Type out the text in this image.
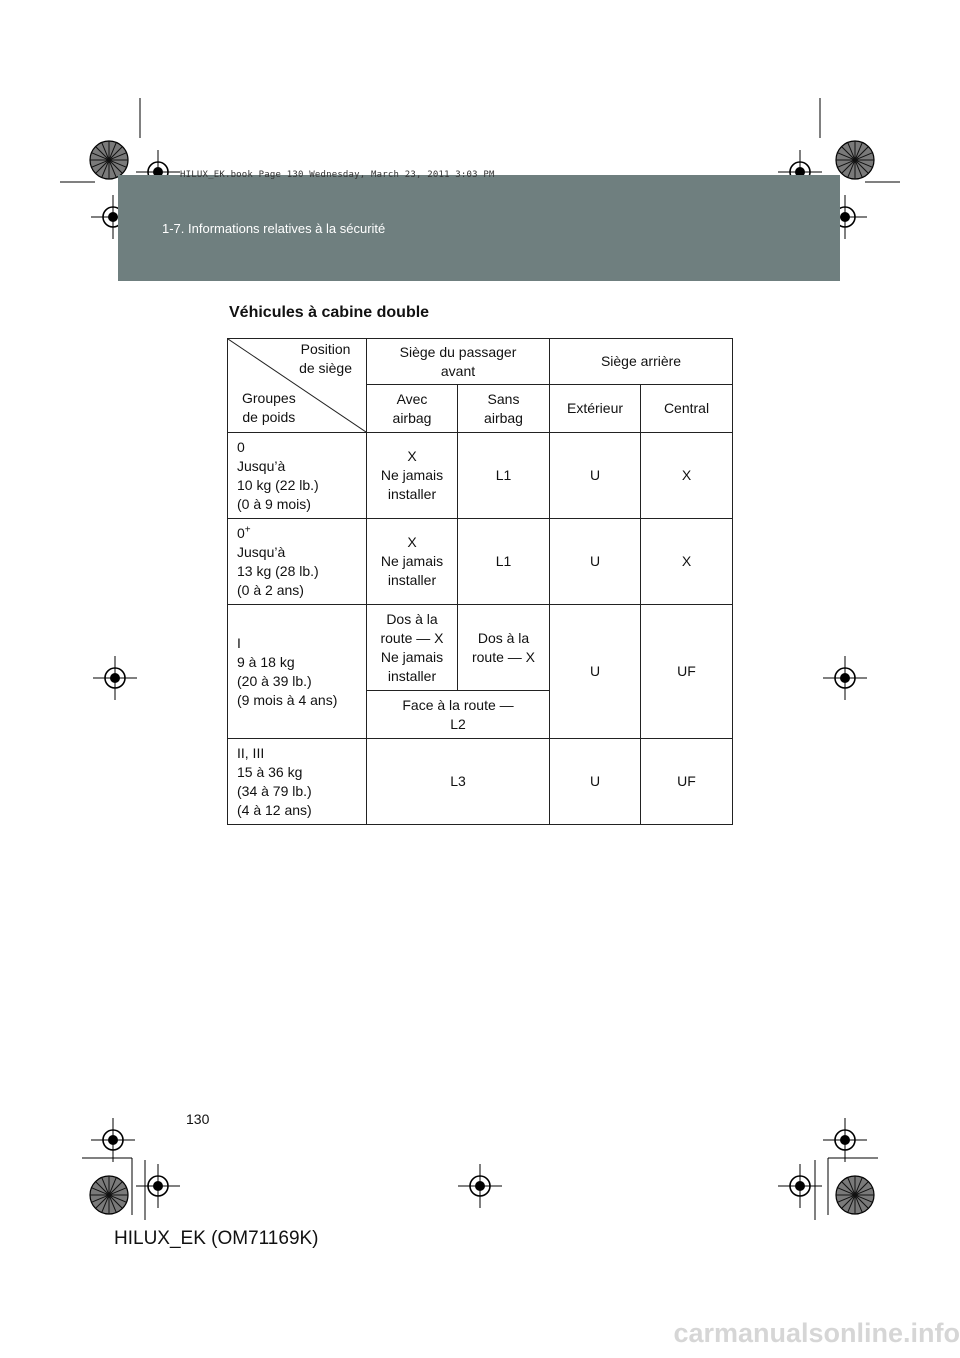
HILUX_EK.book Page 130 Wednesday, March 23, 2011 3:03 PM
1-7. Informations relatives à la sécurité
Véhicules à cabine double
Position
de siège
Groupes
de poids	Siège du passager
avant		Siège arrière	

	Avec
airbag	Sans
airbag	Extérieur	Central

0
Jusqu’à
10 kg (22 lb.)
(0 à 9 mois)	X
Ne jamais
installer	L1	U	X

0+
Jusqu’à
13 kg (28 lb.)
(0 à 2 ans)	X
Ne jamais
installer	L1	U	X

I
9 à 18 kg
(20 à 39 lb.)
(9 mois à 4 ans)	Dos à la
route — X
Ne jamais
installer	Dos à la
route — X	U	UF

	Face à la route —
L2			

II, III
15 à 36 kg
(34 à 79 lb.)
(4 à 12 ans)	L3		U	UF
130
HILUX_EK (OM71169K)
carmanualsonline.info
